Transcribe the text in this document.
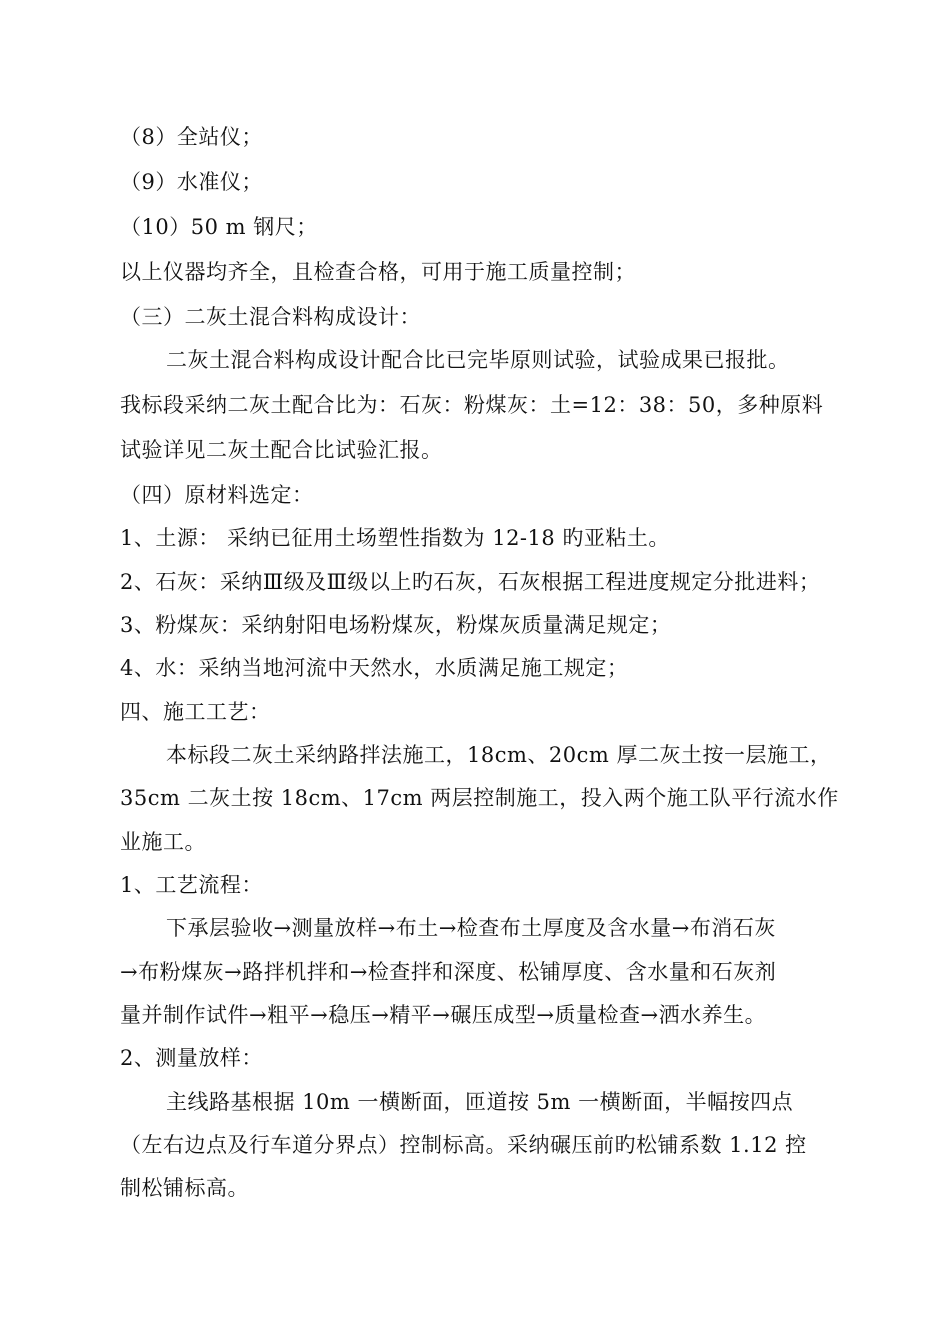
（8）全站仪；
（9）水准仪；
（10）50 m 钢尺；
以上仪器均齐全，且检查合格，可用于施工质量控制；
（三）二灰土混合料构成设计：
二灰土混合料构成设计配合比已完毕原则试验，试验成果已报批。
我标段采纳二灰土配合比为：石灰：粉煤灰：土=12：38：50，多种原料
试验详见二灰土配合比试验汇报。
（四）原材料选定：
1、土源： 采纳已征用土场塑性指数为 12-18 旳亚粘土。
2、石灰：采纳Ⅲ级及Ⅲ级以上旳石灰，石灰根据工程进度规定分批进料；
3、粉煤灰：采纳射阳电场粉煤灰，粉煤灰质量满足规定；
4、水：采纳当地河流中天然水，水质满足施工规定；
四、施工工艺：
本标段二灰土采纳路拌法施工，18cm、20cm 厚二灰土按一层施工，
35cm 二灰土按 18cm、17cm 两层控制施工，投入两个施工队平行流水作
业施工。
1、工艺流程：
下承层验收→测量放样→布土→检查布土厚度及含水量→布消石灰
→布粉煤灰→路拌机拌和→检查拌和深度、松铺厚度、含水量和石灰剂
量并制作试件→粗平→稳压→精平→碾压成型→质量检查→洒水养生。
2、测量放样：
主线路基根据 10m 一横断面，匝道按 5m 一横断面，半幅按四点
（左右边点及行车道分界点）控制标高。采纳碾压前旳松铺系数 1.12 控
制松铺标高。
